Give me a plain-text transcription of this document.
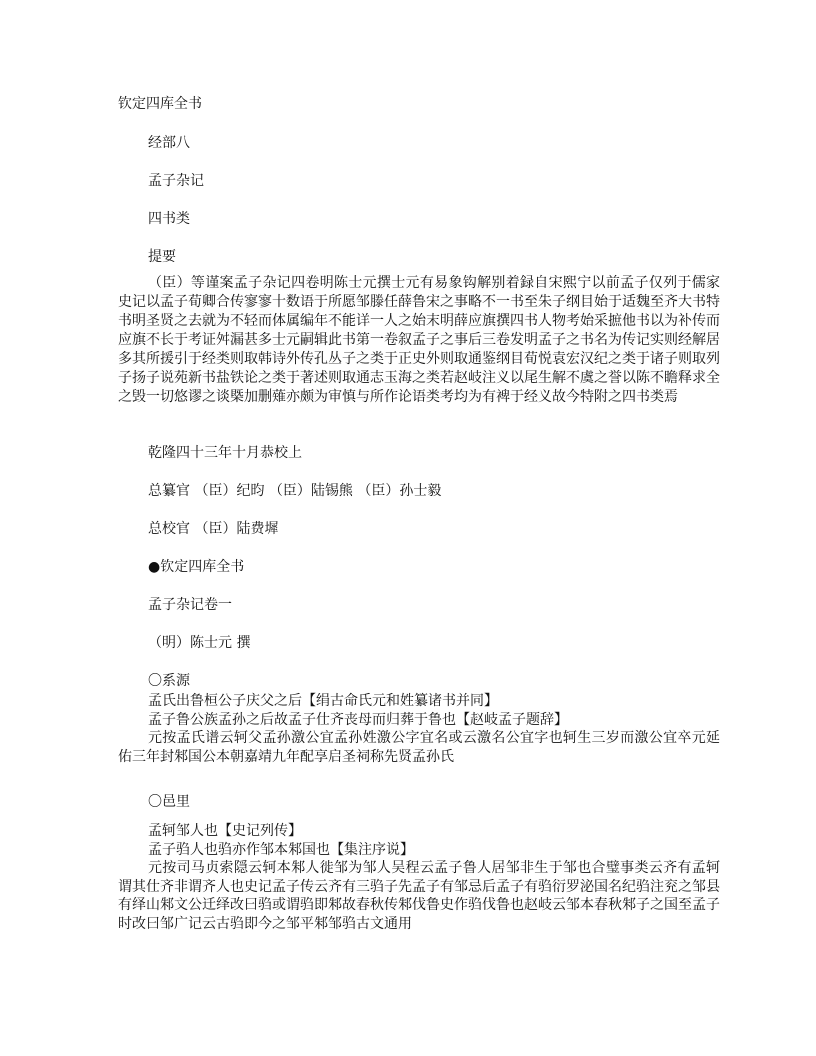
钦定四库全书
经部八
孟子杂记
四书类
提要
（臣）等谨案孟子杂记四卷明陈士元撰士元有易象钩解别着録自宋熙宁以前孟子仅列于儒家史记以孟子荀卿合传寥寥十数语于所愿邹滕任薛鲁宋之事略不一书至朱子纲目始于适魏至齐大书特书明圣贤之去就为不轻而体属编年不能详一人之始末明薛应旗撰四书人物考始采摭他书以为补传而应旗不长于考证舛漏甚多士元嗣辑此书第一卷叙孟子之事后三卷发明孟子之书名为传记实则经解居多其所援引于经类则取韩诗外传孔丛子之类于正史外则取通鉴纲目荀悦袁宏汉纪之类于诸子则取列子扬子说苑新书盐铁论之类于著述则取通志玉海之类若赵岐注义以尾生解不虞之誉以陈不瞻释求全之毁一切悠谬之谈槩加删薙亦颇为审慎与所作论语类考均为有裨于经义故今特附之四书类焉
乾隆四十三年十月恭校上
总纂官 （臣）纪昀 （臣）陆锡熊 （臣）孙士毅
总校官 （臣）陆费墀
●钦定四库全书
孟子杂记卷一
（明）陈士元 撰
〇系源
孟氏出鲁桓公子庆父之后【绢古命氏元和姓纂诸书并同】
孟子鲁公族孟孙之后故孟子仕齐丧母而归葬于鲁也【赵岐孟子题辞】
元按孟氏谱云轲父孟孙激公宜孟孙姓激公字宜名或云激名公宜字也轲生三岁而激公宜卒元延佑三年封邾国公本朝嘉靖九年配享启圣祠称先贤孟孙氏
〇邑里
孟轲邹人也【史记列传】
孟子驺人也驺亦作邹本邾国也【集注序说】
元按司马贞索隠云轲本邾人徙邹为邹人吴程云孟子鲁人居邹非生于邹也合璧事类云齐有孟轲谓其仕齐非谓齐人也史记孟子传云齐有三驺子先孟子有邹忌后孟子有驺衍罗泌国名纪驺注兖之邹县有绎山邾文公迁绎改曰驺或谓驺即邾故春秋传邾伐鲁史作驺伐鲁也赵岐云邹本春秋邾子之国至孟子时改曰邹广记云古驺即今之邹平邾邹驺古文通用
